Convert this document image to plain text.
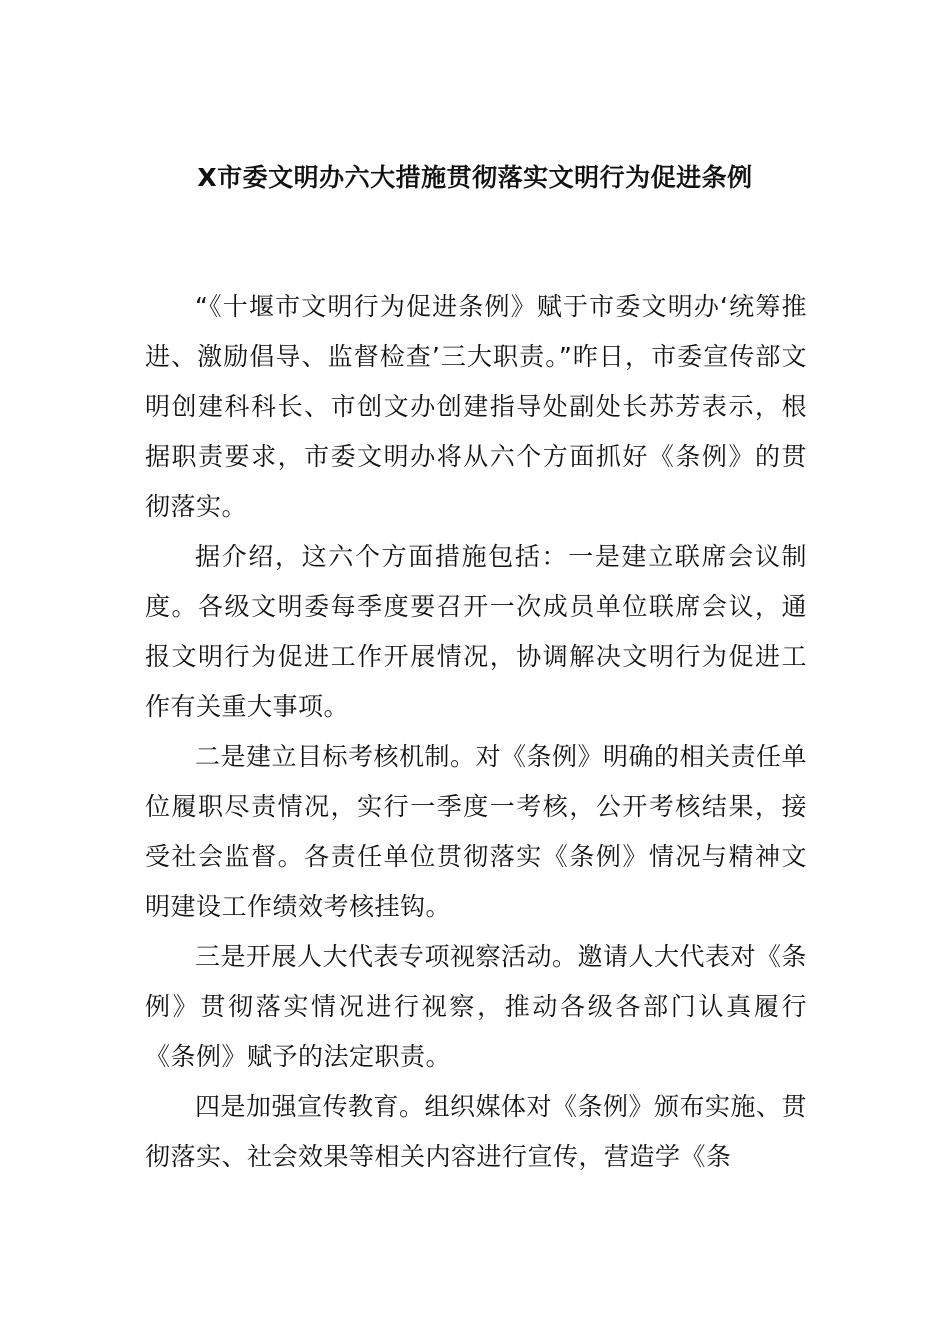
X市委文明办六大措施贯彻落实文明行为促进条例

“《十堰市文明行为促进条例》赋于市委文明办‘统筹推进、激励倡导、监督检查’三大职责。”昨日，市委宣传部文明创建科科长、市创文办创建指导处副处长苏芳表示，根据职责要求，市委文明办将从六个方面抓好《条例》的贯彻落实。

据介绍，这六个方面措施包括：一是建立联席会议制度。各级文明委每季度要召开一次成员单位联席会议，通报文明行为促进工作开展情况，协调解决文明行为促进工作有关重大事项。

二是建立目标考核机制。对《条例》明确的相关责任单位履职尽责情况，实行一季度一考核，公开考核结果，接受社会监督。各责任单位贯彻落实《条例》情况与精神文明建设工作绩效考核挂钩。

三是开展人大代表专项视察活动。邀请人大代表对《条例》贯彻落实情况进行视察，推动各级各部门认真履行《条例》赋予的法定职责。

四是加强宣传教育。组织媒体对《条例》颁布实施、贯彻落实、社会效果等相关内容进行宣传，营造学《条
